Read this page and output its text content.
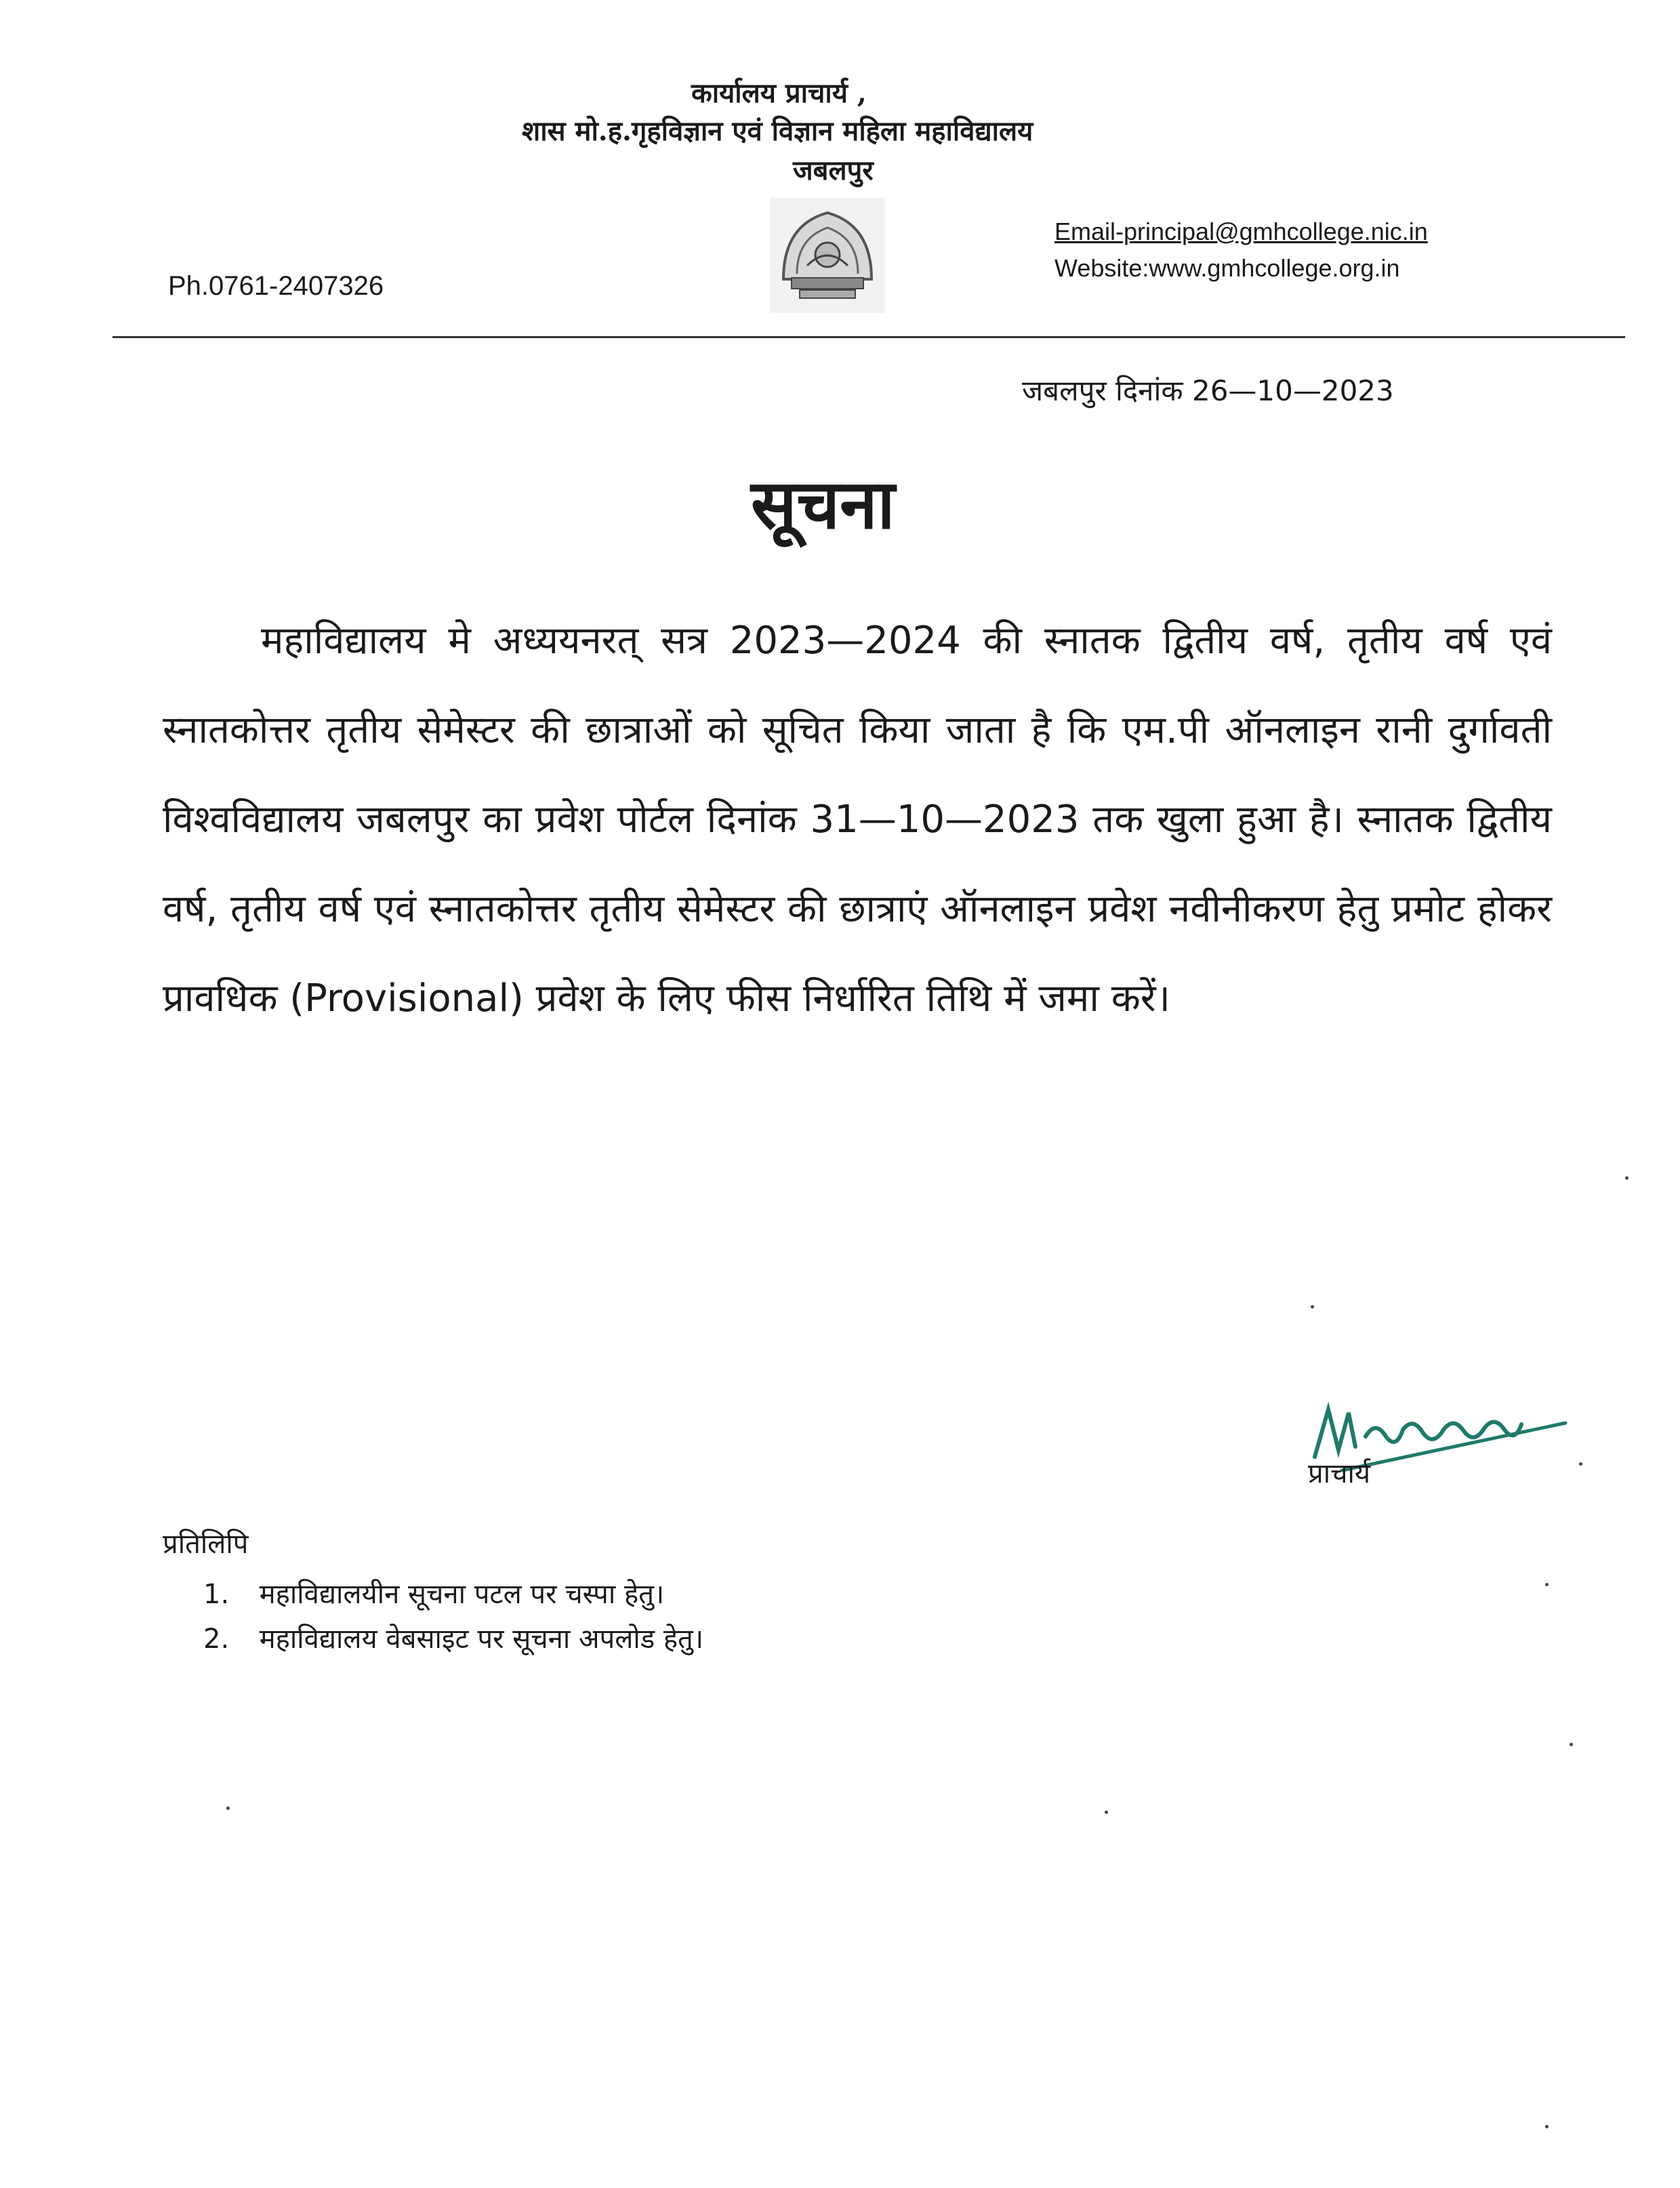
कार्यालय प्राचार्य ,
शास मो.ह.गृहविज्ञान एवं विज्ञान महिला महाविद्यालय
जबलपुर
Email-principal@gmhcollege.nic.in
Website:www.gmhcollege.org.in
Ph.0761-2407326
जबलपुर दिनांक 26—10—2023
सूचना

महाविद्यालय मे अध्ययनरत् सत्र 2023—2024 की स्नातक द्वितीय वर्ष, तृतीय वर्ष एवं स्नातकोत्तर तृतीय सेमेस्टर की छात्राओं को सूचित किया जाता है कि एम.पी ऑनलाइन रानी दुर्गावती विश्वविद्यालय जबलपुर का प्रवेश पोर्टल दिनांक 31—10—2023 तक खुला हुआ है। स्नातक द्वितीय वर्ष, तृतीय वर्ष एवं स्नातकोत्तर तृतीय सेमेस्टर की छात्राएं ऑनलाइन प्रवेश नवीनीकरण हेतु प्रमोट होकर प्रावधिक (Provisional) प्रवेश के लिए फीस निर्धारित तिथि में जमा करें।

प्राचार्य
प्रतिलिपि
1. महाविद्यालयीन सूचना पटल पर चस्पा हेतु।
2. महाविद्यालय वेबसाइट पर सूचना अपलोड हेतु।
